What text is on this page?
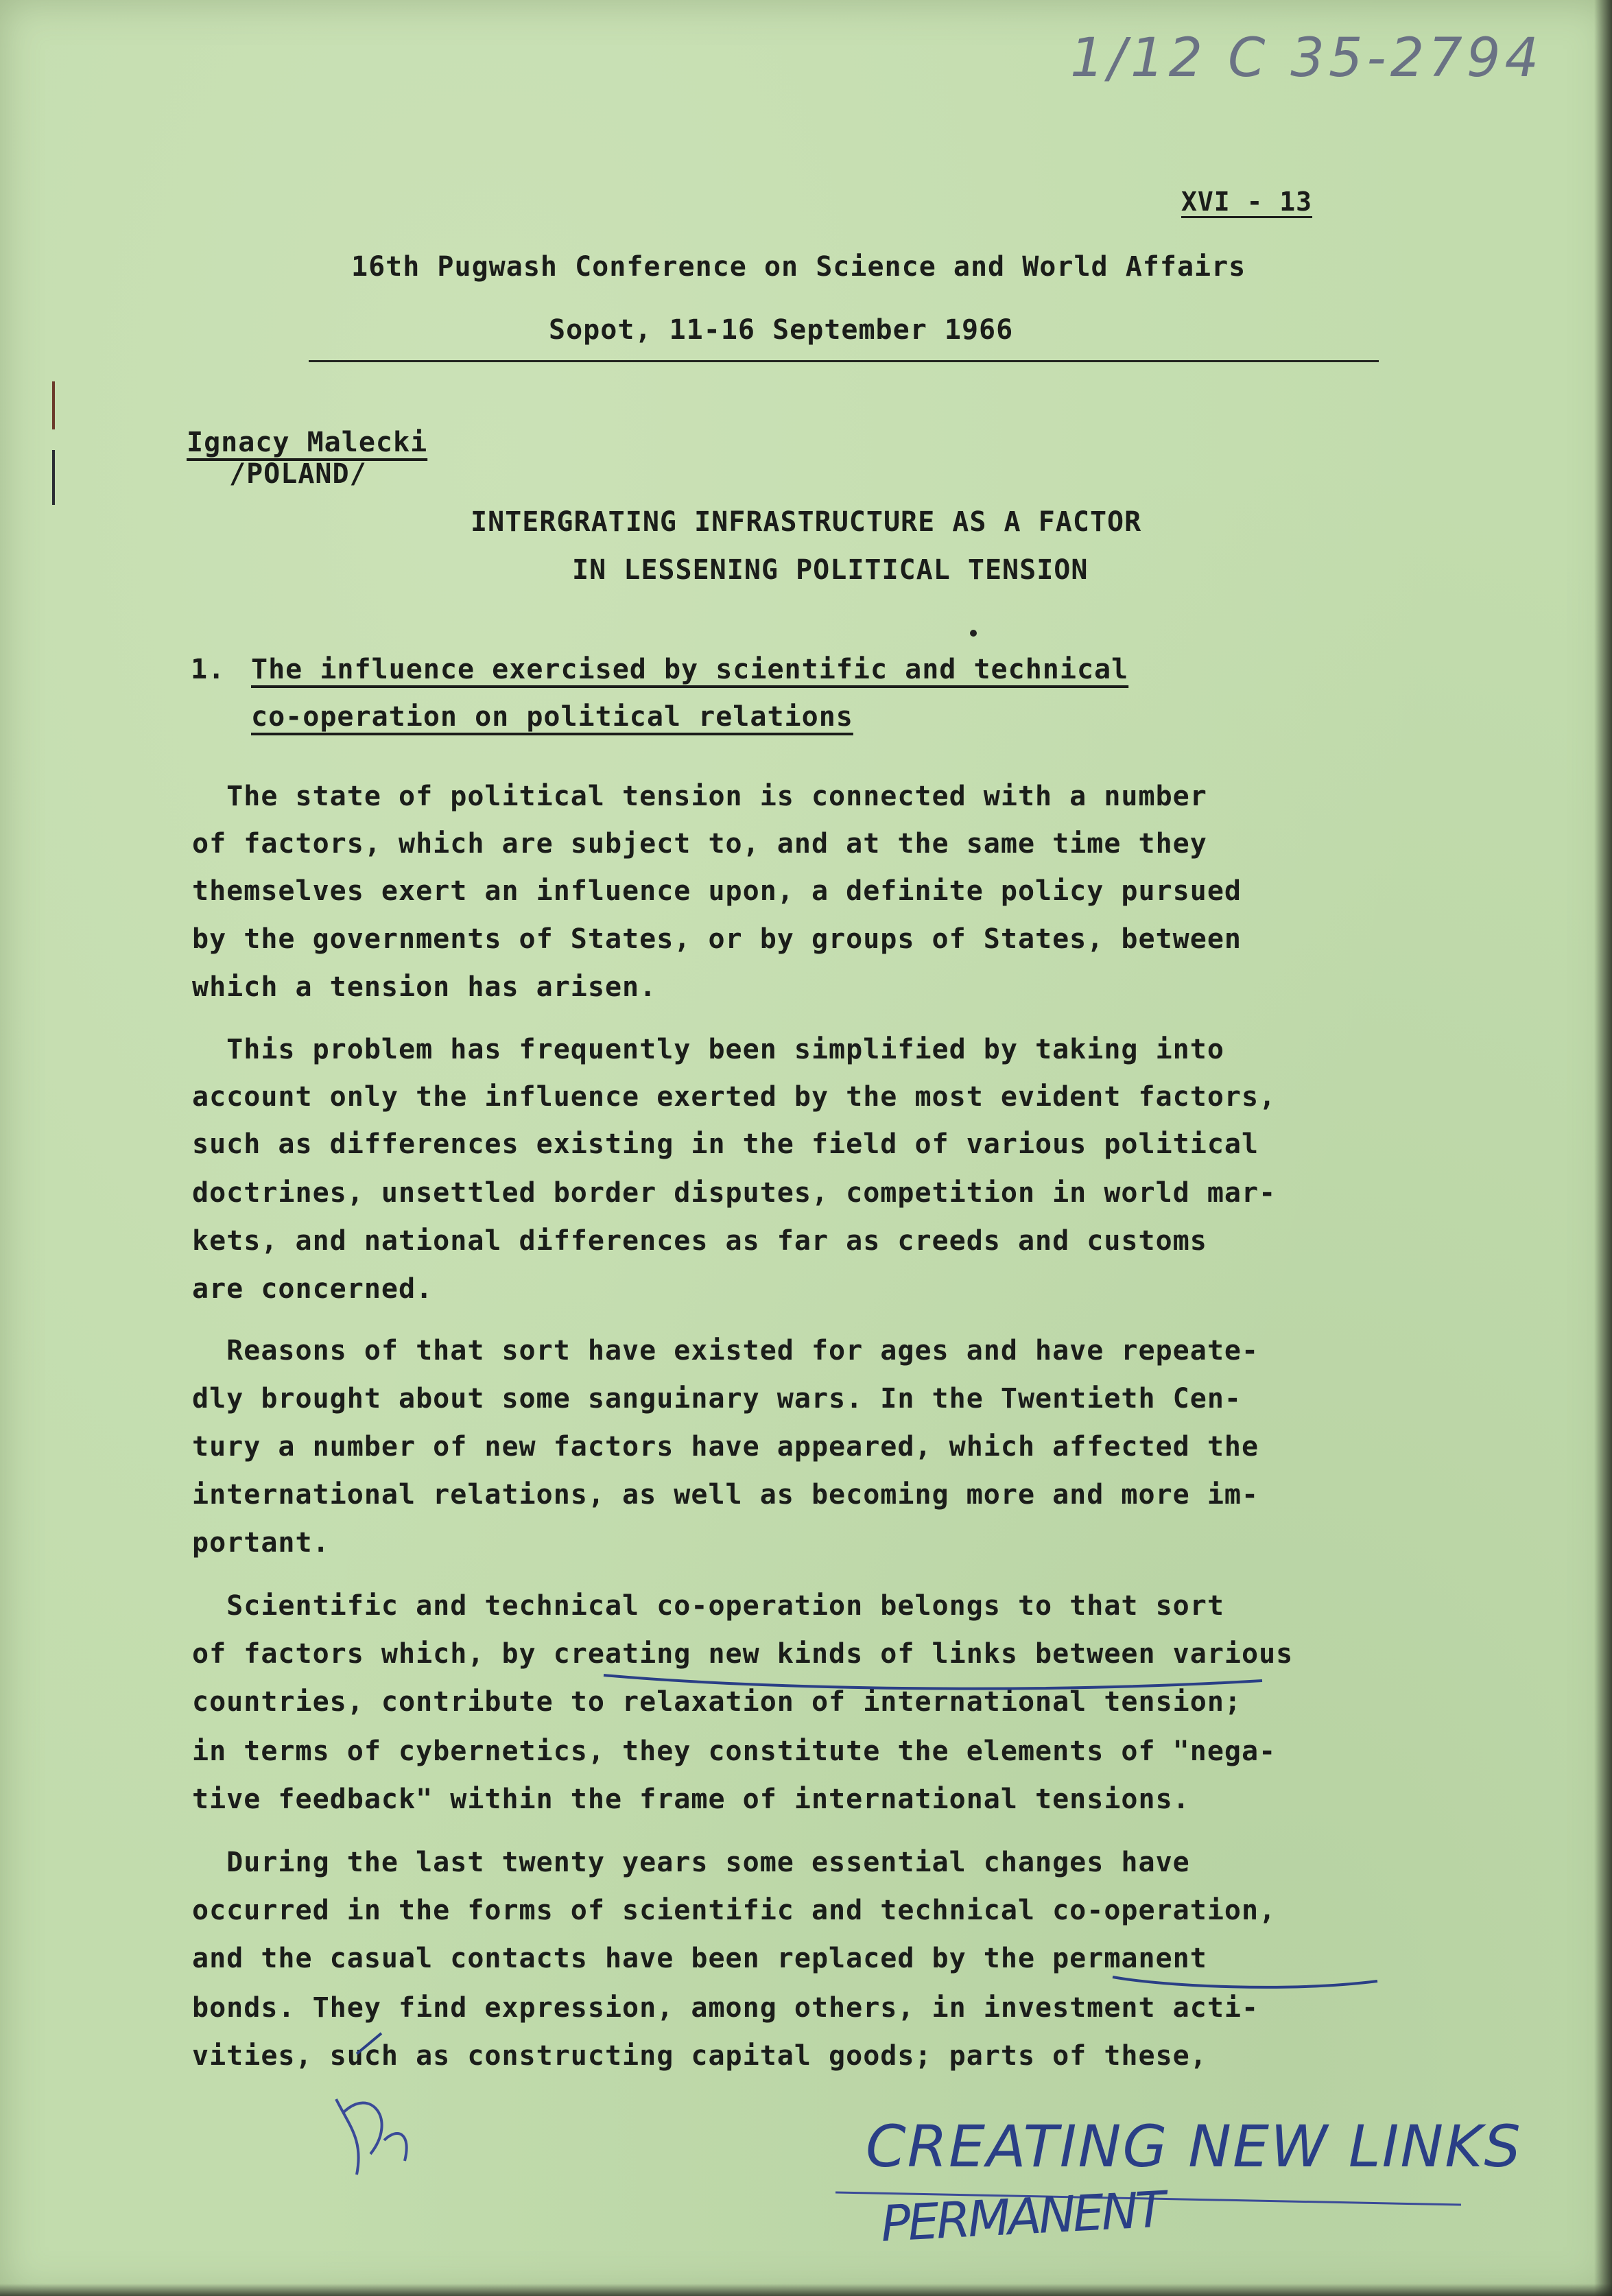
1/12 C 35-2794
XVI - 13
16th Pugwash Conference on Science and World Affairs
Sopot, 11-16 September 1966
Ignacy Malecki
/POLAND/
INTERGRATING INFRASTRUCTURE AS A FACTOR
IN LESSENING POLITICAL TENSION
1. The influence exercised by scientific and technical
co-operation on political relations
The state of political tension is connected with a number
of factors, which are subject to, and at the same time they
themselves exert an influence upon, a definite policy pursued
by the governments of States, or by groups of States, between
which a tension has arisen.
This problem has frequently been simplified by taking into
account only the influence exerted by the most evident factors,
such as differences existing in the field of various political
doctrines, unsettled border disputes, competition in world mar-
kets, and national differences as far as creeds and customs
are concerned.
Reasons of that sort have existed for ages and have repeate-
dly brought about some sanguinary wars. In the Twentieth Cen-
tury a number of new factors have appeared, which affected the
international relations, as well as becoming more and more im-
portant.
Scientific and technical co-operation belongs to that sort
of factors which, by creating new kinds of links between various
countries, contribute to relaxation of international tension;
in terms of cybernetics, they constitute the elements of "nega-
tive feedback" within the frame of international tensions.
During the last twenty years some essential changes have
occurred in the forms of scientific and technical co-operation,
and the casual contacts have been replaced by the permanent
bonds. They find expression, among others, in investment acti-
vities, such as constructing capital goods; parts of these,
CREATING NEW LINKS
PERMANENT
